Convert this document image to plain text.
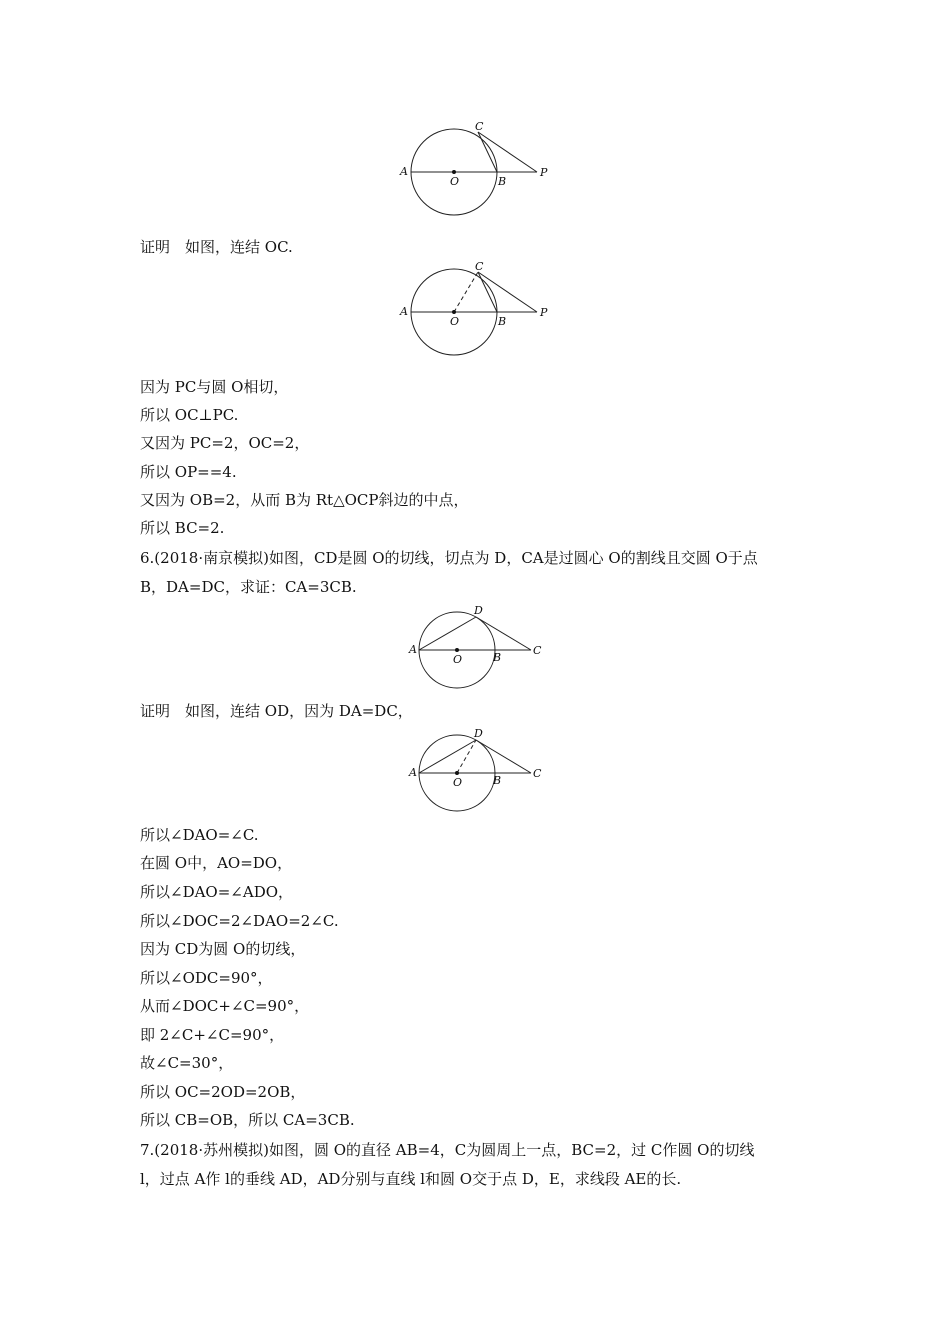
A
O	B
C
P
A
O	B
C
P
证明　如图，连结 OC.
因为 PC与圆 O相切，
所以 OC⊥PC.
又因为 PC=2，OC=2，
所以 OP==4.
又因为 OB=2，从而 B为 Rt△OCP斜边的中点，
所以 BC=2.
6.(2018·南京模拟)如图，CD是圆 O的切线，切点为 D，CA是过圆心 O的割线且交圆 O于点
B，DA=DC，求证：CA=3CB.
A
O	B
D
C
证明　如图，连结 OD，因为 DA=DC，
A
O	B
D
C
所以∠DAO=∠C.
在圆 O中，AO=DO，
所以∠DAO=∠ADO，
所以∠DOC=2∠DAO=2∠C.
因为 CD为圆 O的切线，
所以∠ODC=90°，
从而∠DOC+∠C=90°，
即 2∠C+∠C=90°，
故∠C=30°，
所以 OC=2OD=2OB，
所以 CB=OB，所以 CA=3CB.
7.(2018·苏州模拟)如图，圆 O的直径 AB=4，C为圆周上一点，BC=2，过 C作圆 O的切线
l，过点 A作 l的垂线 AD，AD分别与直线 l和圆 O交于点 D，E，求线段 AE的长.
